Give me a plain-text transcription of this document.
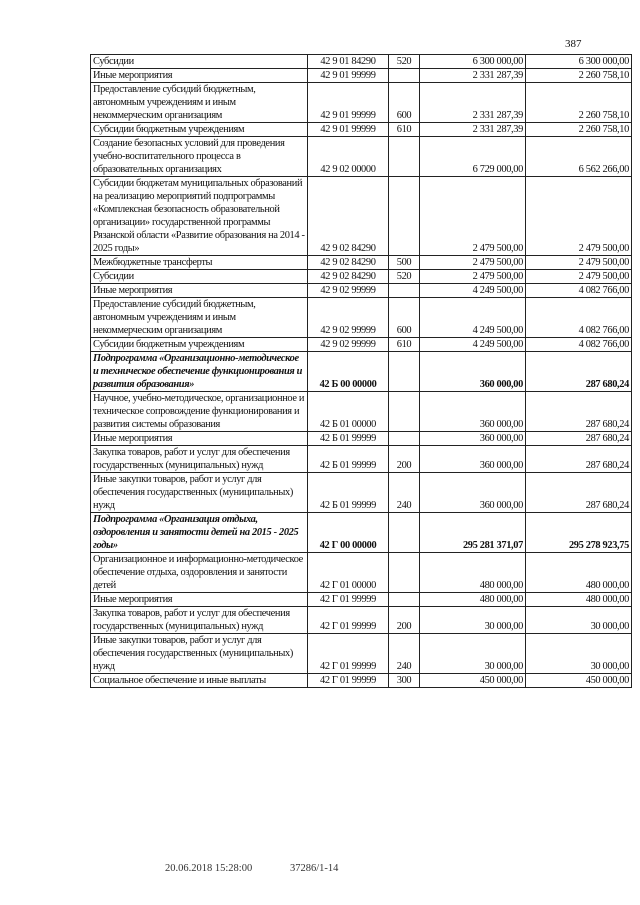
387
Субсидии	42 9 01 84290	520	6 300 000,00	6 300 000,00
Иные мероприятия	42 9 01 99999		2 331 287,39	2 260 758,10
Предоставление субсидий бюджетным, автономным учреждениям и иным некоммерческим организациям	42 9 01 99999	600	2 331 287,39	2 260 758,10
Субсидии бюджетным учреждениям	42 9 01 99999	610	2 331 287,39	2 260 758,10
Создание безопасных условий для проведения учебно-воспитательного процесса в образовательных организациях	42 9 02 00000		6 729 000,00	6 562 266,00
Субсидии бюджетам муниципальных образований на реализацию мероприятий подпрограммы «Комплексная безопасность образовательной организации» государственной программы Рязанской области «Развитие образования на 2014 - 2025 годы»	42 9 02 84290		2 479 500,00	2 479 500,00
Межбюджетные трансферты	42 9 02 84290	500	2 479 500,00	2 479 500,00
Субсидии	42 9 02 84290	520	2 479 500,00	2 479 500,00
Иные мероприятия	42 9 02 99999		4 249 500,00	4 082 766,00
Предоставление субсидий бюджетным, автономным учреждениям и иным некоммерческим организациям	42 9 02 99999	600	4 249 500,00	4 082 766,00
Субсидии бюджетным учреждениям	42 9 02 99999	610	4 249 500,00	4 082 766,00
Подпрограмма «Организационно-методическое и техническое обеспечение функционирования и развития образования»	42 Б 00 00000		360 000,00	287 680,24
Научное, учебно-методическое, организационное и техническое сопровождение функционирования и развития системы образования	42 Б 01 00000		360 000,00	287 680,24
Иные мероприятия	42 Б 01 99999		360 000,00	287 680,24
Закупка товаров, работ и услуг для обеспечения государственных (муниципальных) нужд	42 Б 01 99999	200	360 000,00	287 680,24
Иные закупки товаров, работ и услуг для обеспечения государственных (муниципальных) нужд	42 Б 01 99999	240	360 000,00	287 680,24
Подпрограмма «Организация отдыха, оздоровления и занятости детей на 2015 - 2025 годы»	42 Г 00 00000		295 281 371,07	295 278 923,75
Организационное и информационно-методическое обеспечение отдыха, оздоровления и занятости детей	42 Г 01 00000		480 000,00	480 000,00
Иные мероприятия	42 Г 01 99999		480 000,00	480 000,00
Закупка товаров, работ и услуг для обеспечения государственных (муниципальных) нужд	42 Г 01 99999	200	30 000,00	30 000,00
Иные закупки товаров, работ и услуг для обеспечения государственных (муниципальных) нужд	42 Г 01 99999	240	30 000,00	30 000,00
Социальное обеспечение и иные выплаты	42 Г 01 99999	300	450 000,00	450 000,00
20.06.2018 15:28:00	37286/1-14
